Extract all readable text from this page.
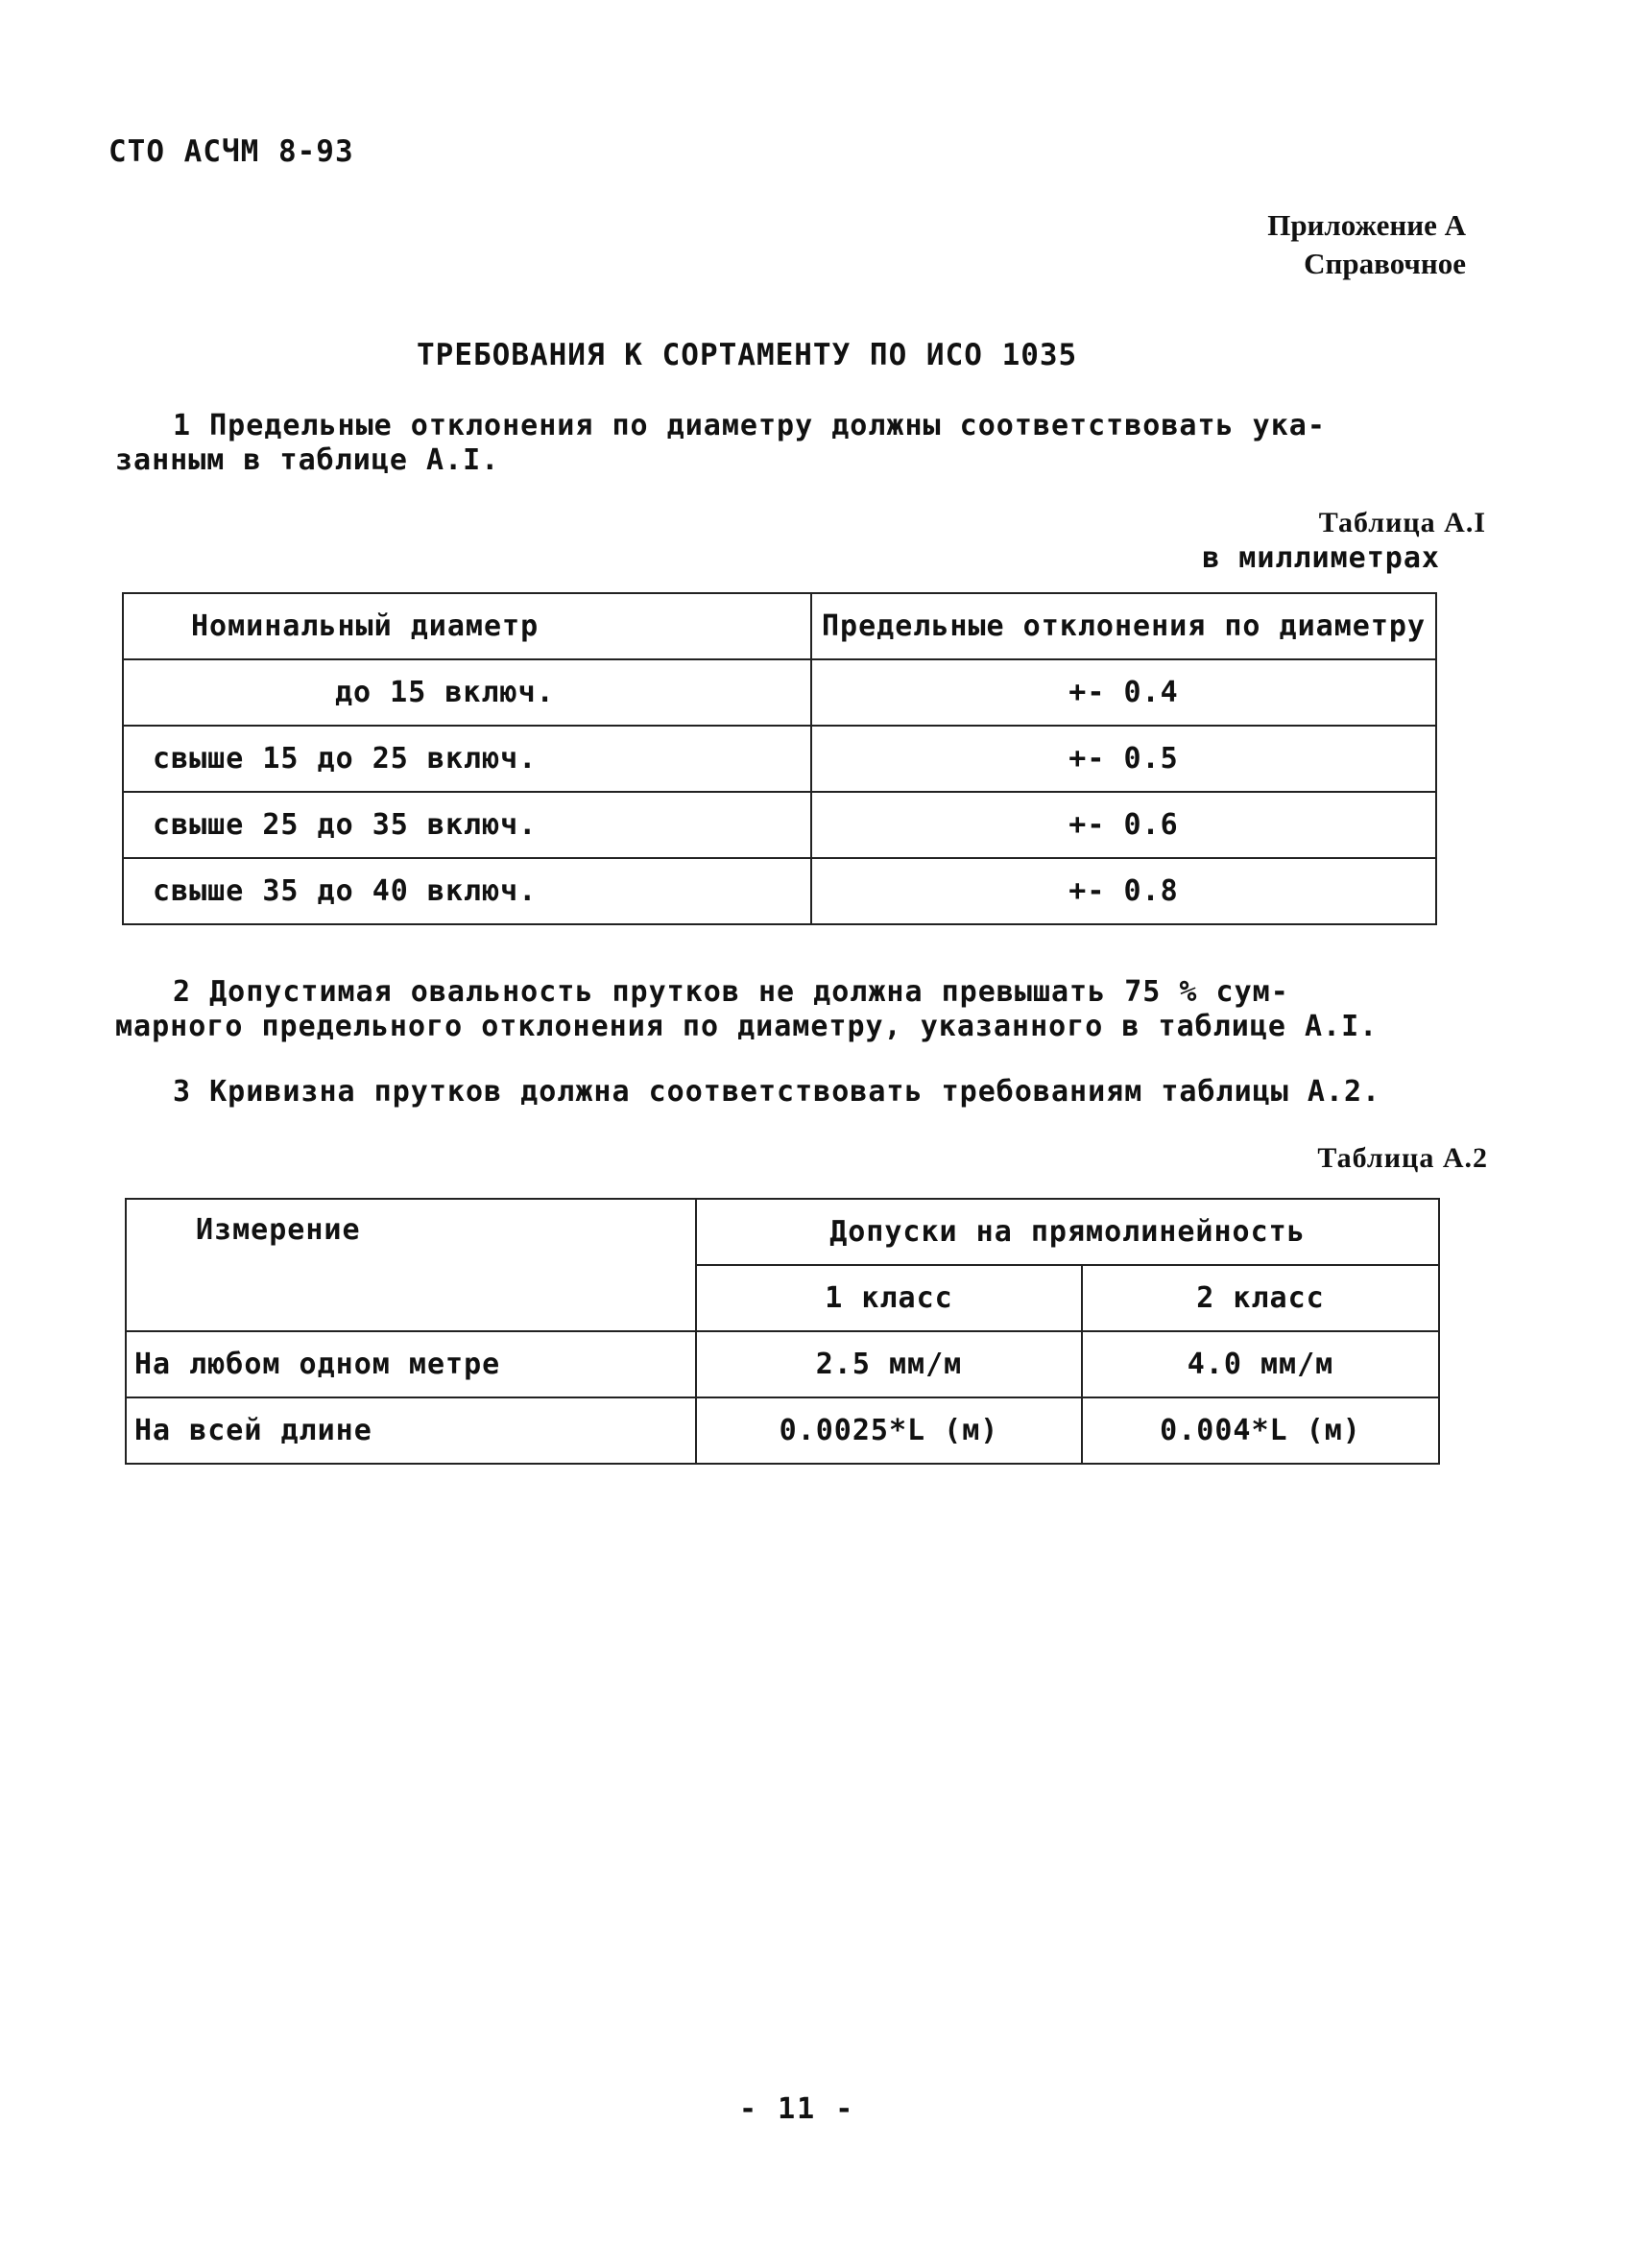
СТО АСЧМ 8-93
Приложение А
Справочное
ТРЕБОВАНИЯ К СОРТАМЕНТУ ПО ИСО 1035
1 Предельные отклонения по диаметру должны соответствовать ука-
занным в таблице А.I.
Таблица А.I
в миллиметрах
Номинальный диаметр	Предельные отклонения по диаметру
до 15 включ.	+- 0.4
свыше 15 до 25 включ.	+- 0.5
свыше 25 до 35 включ.	+- 0.6
свыше 35 до 40 включ.	+- 0.8
2 Допустимая овальность прутков не должна превышать 75 % сум-
марного предельного отклонения по диаметру, указанного в таблице А.I.
3 Кривизна прутков должна соответствовать требованиям таблицы А.2.
Таблица А.2
Измерение	Допуски на прямолинейность	
	1 класс	2 класс
На любом одном метре	2.5 мм/м	4.0 мм/м
На всей длине	0.0025*L (м)	0.004*L (м)
- 11 -
